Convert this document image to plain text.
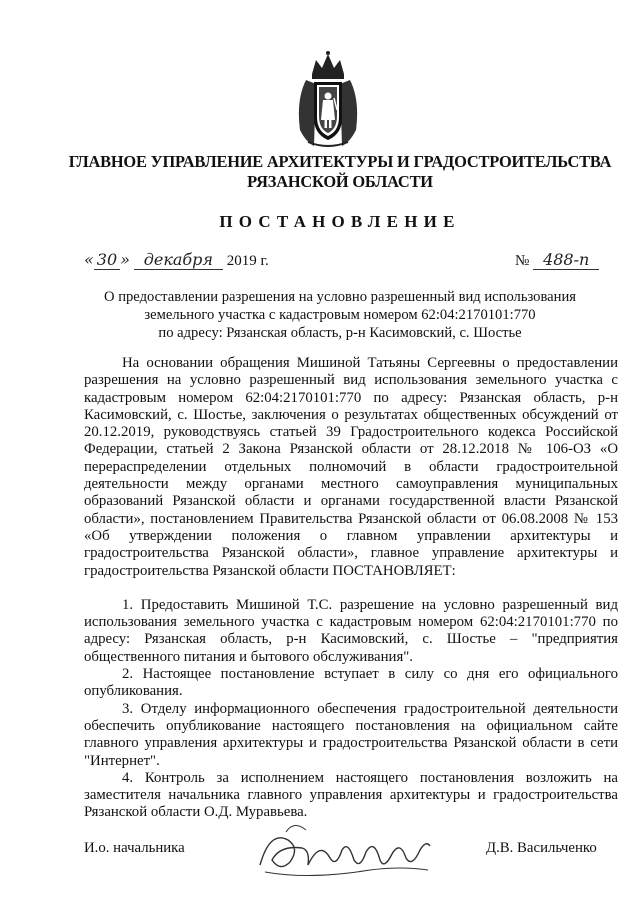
ГЛАВНОЕ УПРАВЛЕНИЕ АРХИТЕКТУРЫ И ГРАДОСТРОИТЕЛЬСТВА
РЯЗАНСКОЙ ОБЛАСТИ
ПОСТАНОВЛЕНИЕ
« 30 » декабря 2019 г.	№ 488-п
О предоставлении разрешения на условно разрешенный вид использования
земельного участка с кадастровым номером 62:04:2170101:770
по адресу: Рязанская область, р-н Касимовский, с. Шостье

На основании обращения Мишиной Татьяны Сергеевны о предоставлении разрешения на условно разрешенный вид использования земельного участка с кадастровым номером 62:04:2170101:770 по адресу: Рязанская область, р-н Касимовский, с. Шостье, заключения о результатах общественных обсуждений от 20.12.2019, руководствуясь статьей 39 Градостроительного кодекса Российской Федерации, статьей 2 Закона Рязанской области от 28.12.2018 № 106-ОЗ «О перераспределении отдельных полномочий в области градостроительной деятельности между органами местного самоуправления муниципальных образований Рязанской области и органами государственной власти Рязанской области», постановлением Правительства Рязанской области от 06.08.2008 № 153 «Об утверждении положения о главном управлении архитектуры и градостроительства Рязанской области», главное управление архитектуры и градостроительства Рязанской области ПОСТАНОВЛЯЕТ:

1. Предоставить Мишиной Т.С. разрешение на условно разрешенный вид использования земельного участка с кадастровым номером 62:04:2170101:770 по адресу: Рязанская область, р-н Касимовский, с. Шостье – "предприятия общественного питания и бытового обслуживания".

2. Настоящее постановление вступает в силу со дня его официального опубликования.

3. Отделу информационного обеспечения градостроительной деятельности обеспечить опубликование настоящего постановления на официальном сайте главного управления архитектуры и градостроительства Рязанской области в сети "Интернет".

4. Контроль за исполнением настоящего постановления возложить на заместителя начальника главного управления архитектуры и градостроительства Рязанской области О.Д. Муравьева.

И.о. начальника	Д.В. Васильченко
